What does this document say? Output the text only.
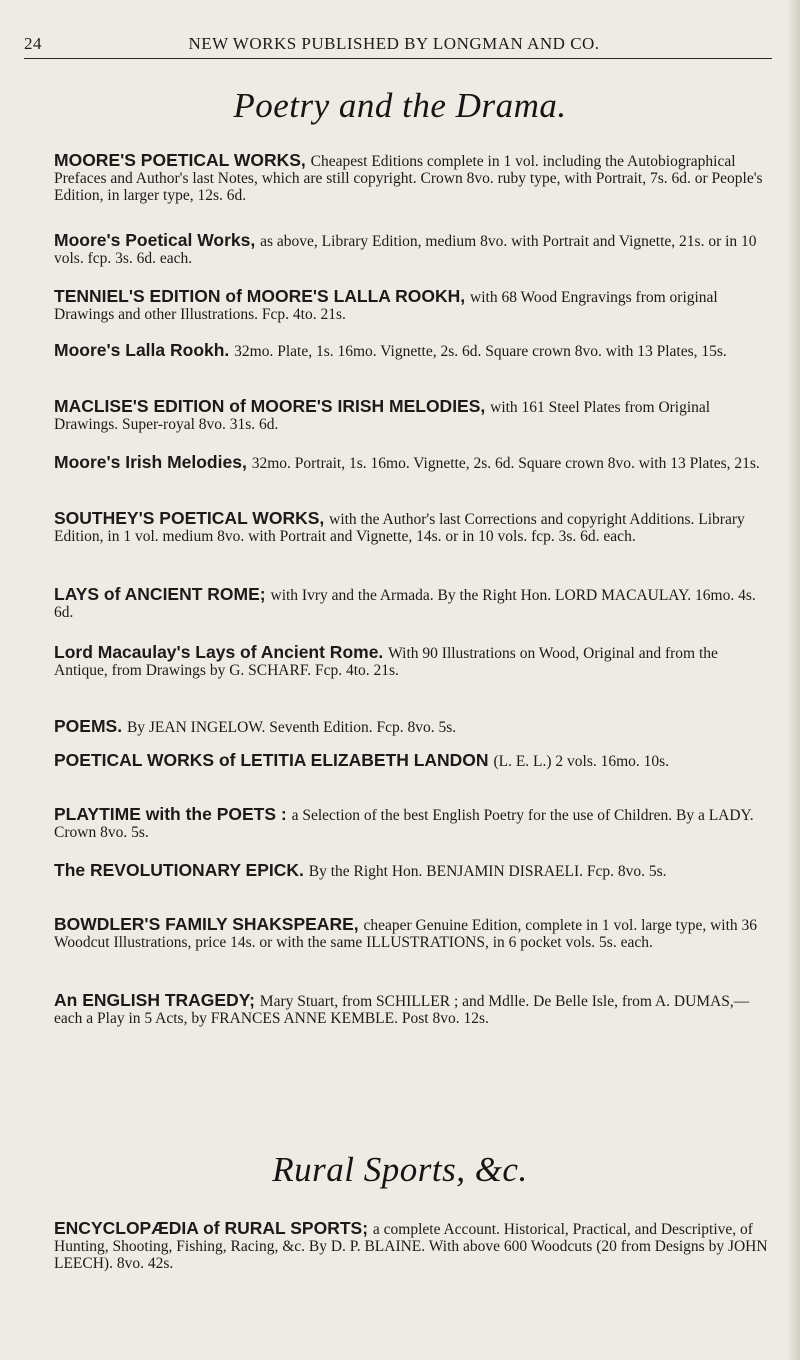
24	NEW WORKS PUBLISHED BY LONGMAN AND CO.
Poetry and the Drama.
MOORE'S POETICAL WORKS, Cheapest Editions complete in 1 vol. including the Autobiographical Prefaces and Author's last Notes, which are still copyright. Crown 8vo. ruby type, with Portrait, 7s. 6d. or People's Edition, in larger type, 12s. 6d.
Moore's Poetical Works, as above, Library Edition, medium 8vo. with Portrait and Vignette, 21s. or in 10 vols. fcp. 3s. 6d. each.
TENNIEL'S EDITION of MOORE'S LALLA ROOKH, with 68 Wood Engravings from original Drawings and other Illustrations. Fcp. 4to. 21s.
Moore's Lalla Rookh. 32mo. Plate, 1s. 16mo. Vignette, 2s. 6d. Square crown 8vo. with 13 Plates, 15s.
MACLISE'S EDITION of MOORE'S IRISH MELODIES, with 161 Steel Plates from Original Drawings. Super-royal 8vo. 31s. 6d.
Moore's Irish Melodies, 32mo. Portrait, 1s. 16mo. Vignette, 2s. 6d. Square crown 8vo. with 13 Plates, 21s.
SOUTHEY'S POETICAL WORKS, with the Author's last Corrections and copyright Additions. Library Edition, in 1 vol. medium 8vo. with Portrait and Vignette, 14s. or in 10 vols. fcp. 3s. 6d. each.
LAYS of ANCIENT ROME; with Ivry and the Armada. By the Right Hon. LORD MACAULAY. 16mo. 4s. 6d.
Lord Macaulay's Lays of Ancient Rome. With 90 Illustrations on Wood, Original and from the Antique, from Drawings by G. SCHARF. Fcp. 4to. 21s.
POEMS. By JEAN INGELOW. Seventh Edition. Fcp. 8vo. 5s.
POETICAL WORKS of LETITIA ELIZABETH LANDON (L. E. L.) 2 vols. 16mo. 10s.
PLAYTIME with the POETS : a Selection of the best English Poetry for the use of Children. By a LADY. Crown 8vo. 5s.
The REVOLUTIONARY EPICK. By the Right Hon. BENJAMIN DISRAELI. Fcp. 8vo. 5s.
BOWDLER'S FAMILY SHAKSPEARE, cheaper Genuine Edition, complete in 1 vol. large type, with 36 Woodcut Illustrations, price 14s. or with the same ILLUSTRATIONS, in 6 pocket vols. 5s. each.
An ENGLISH TRAGEDY; Mary Stuart, from SCHILLER ; and Mdlle. De Belle Isle, from A. DUMAS,—each a Play in 5 Acts, by FRANCES ANNE KEMBLE. Post 8vo. 12s.
Rural Sports, &c.
ENCYCLOPÆDIA of RURAL SPORTS; a complete Account. Historical, Practical, and Descriptive, of Hunting, Shooting, Fishing, Racing, &c. By D. P. BLAINE. With above 600 Woodcuts (20 from Designs by JOHN LEECH). 8vo. 42s.
